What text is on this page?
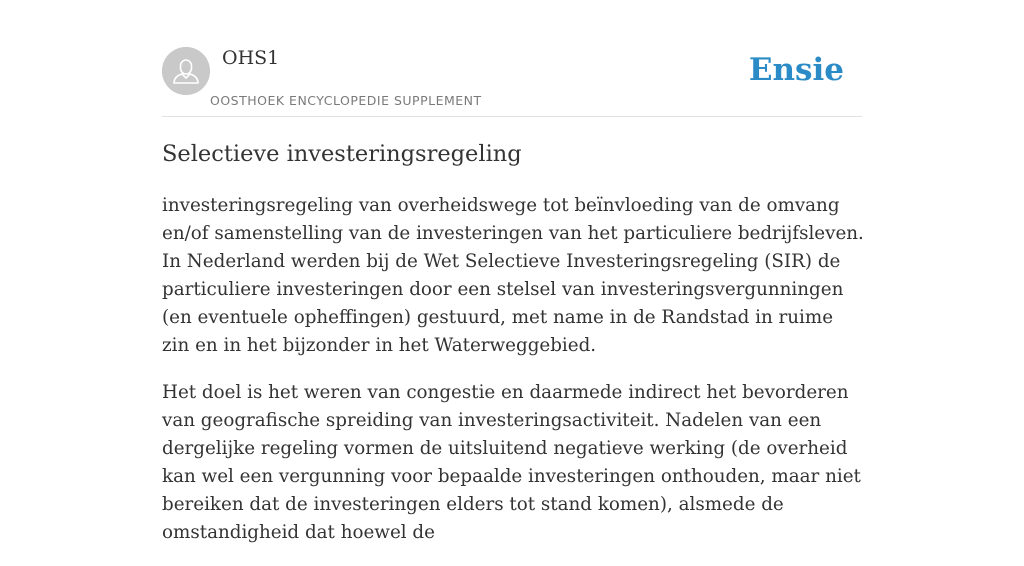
OHS1
OOSTHOEK ENCYCLOPEDIE SUPPLEMENT
Ensie
Selectieve investeringsregeling

investeringsregeling van overheidswege tot beïnvloeding van de omvang en/of samenstelling van de investeringen van het particuliere bedrijfsleven. In Nederland werden bij de Wet Selectieve Investeringsregeling (SIR) de particuliere investeringen door een stelsel van investeringsvergunningen (en eventuele opheffingen) gestuurd, met name in de Randstad in ruime zin en in het bijzonder in het Waterweggebied.

Het doel is het weren van congestie en daarmede indirect het bevorderen van geografische spreiding van investeringsactiviteit. Nadelen van een dergelijke regeling vormen de uitsluitend negatieve werking (de overheid kan wel een vergunning voor bepaalde investeringen onthouden, maar niet bereiken dat de investeringen elders tot stand komen), alsmede de omstandigheid dat hoewel de
